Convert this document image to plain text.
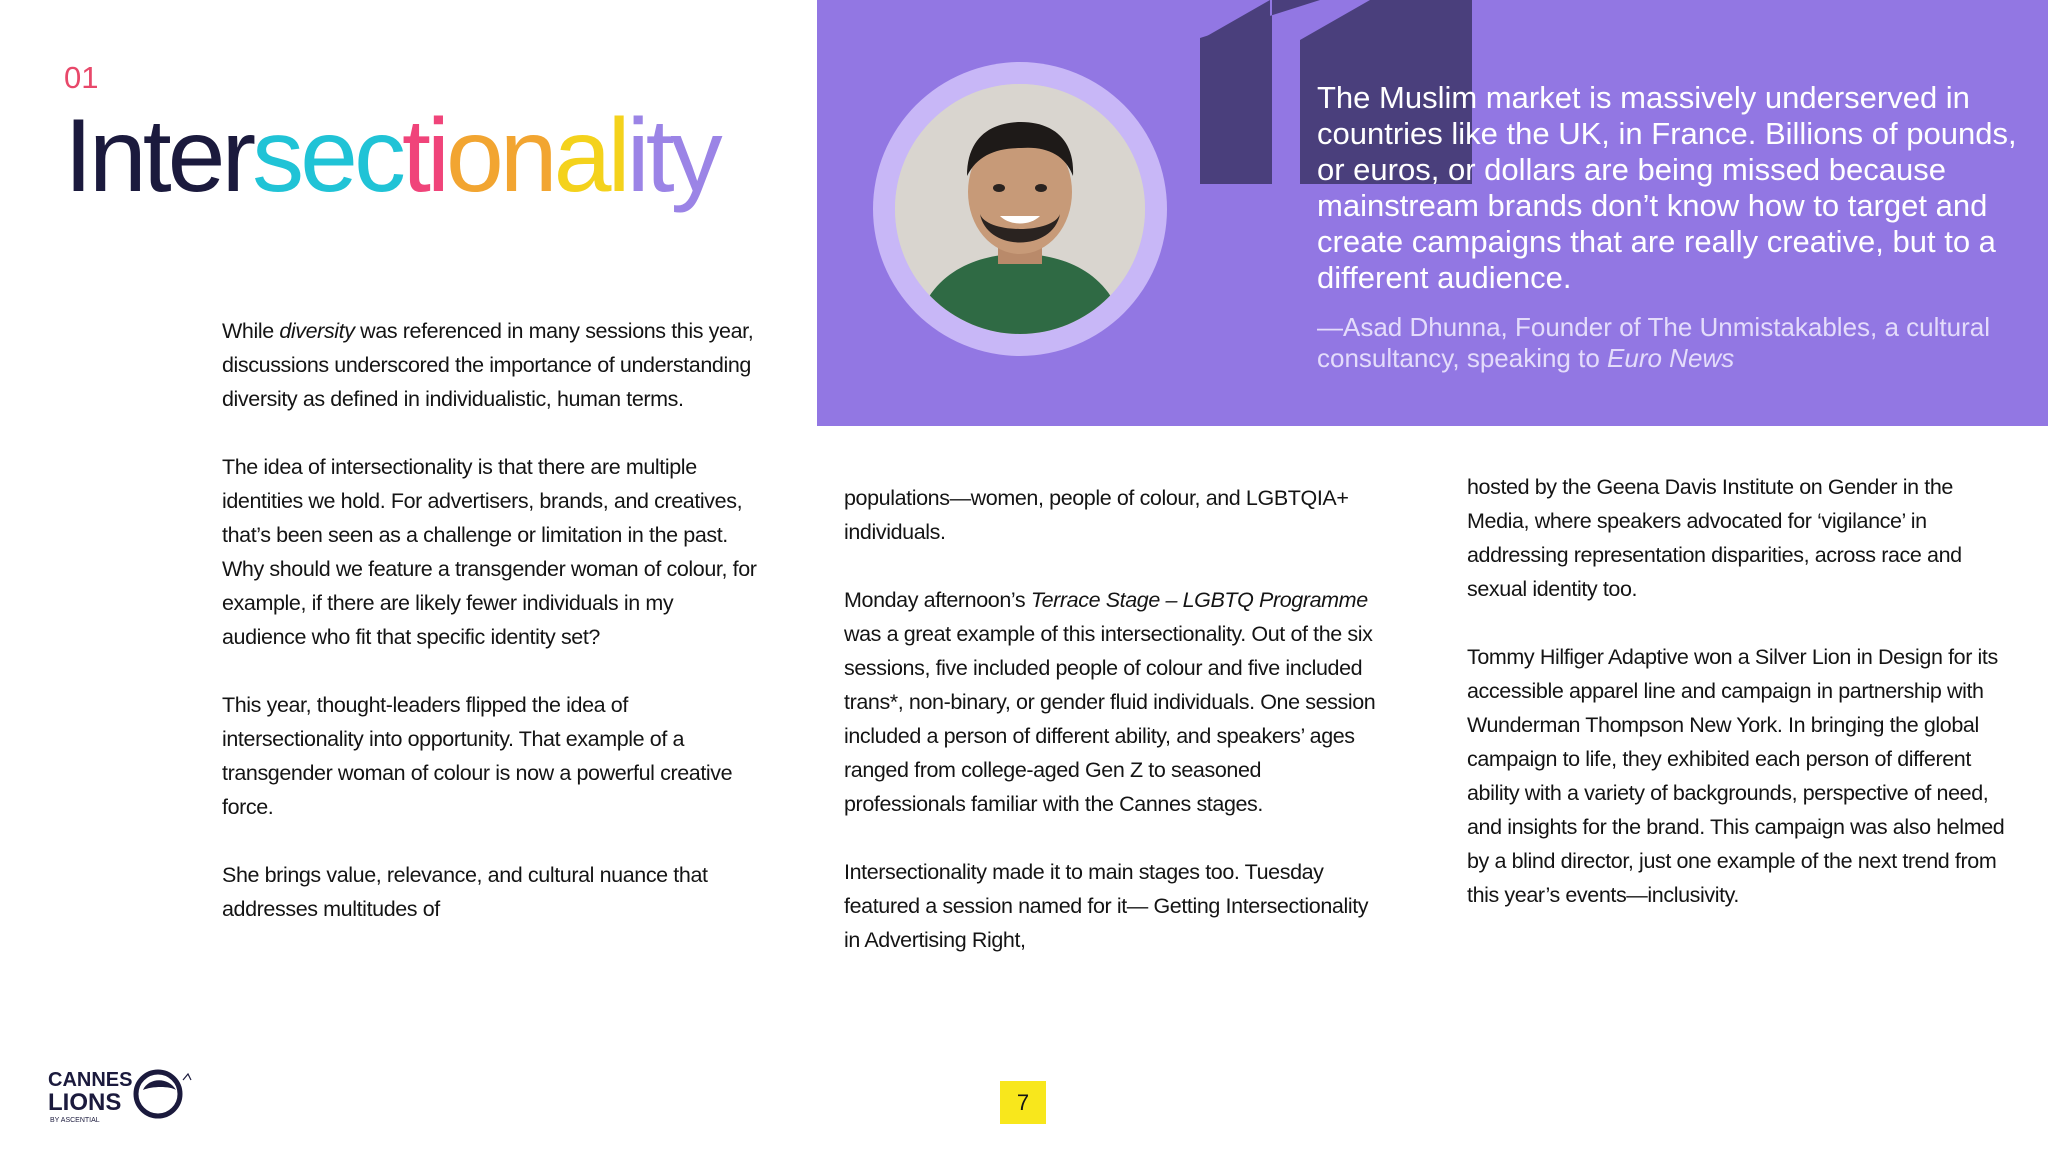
01
Intersectionality
The Muslim market is massively underserved in countries like the UK, in France. Billions of pounds, or euros, or dollars are being missed because mainstream brands don’t know how to target and create campaigns that are really creative, but to a different audience.
—Asad Dhunna, Founder of The Unmistakables, a cultural consultancy, speaking to Euro News

While diversity was referenced in many sessions this year, discussions underscored the importance of understanding diversity as defined in individualistic, human terms.

The idea of intersectionality is that there are multiple identities we hold. For advertisers, brands, and creatives, that’s been seen as a challenge or limitation in the past. Why should we feature a transgender woman of colour, for example, if there are likely fewer individuals in my audience who fit that specific identity set?

This year, thought-leaders flipped the idea of intersectionality into opportunity. That example of a transgender woman of colour is now a powerful creative force.

She brings value, relevance, and cultural nuance that addresses multitudes of

populations—women, people of colour, and LGBTQIA+ individuals.

Monday afternoon’s Terrace Stage – LGBTQ Programme was a great example of this intersectionality. Out of the six sessions, five included people of colour and five included trans*, non-binary, or gender fluid individuals. One session included a person of different ability, and speakers’ ages ranged from college-aged Gen Z to seasoned professionals familiar with the Cannes stages.

Intersectionality made it to main stages too. Tuesday featured a session named for it— Getting Intersectionality in Advertising Right,

hosted by the Geena Davis Institute on Gender in the Media, where speakers advocated for ‘vigilance’ in addressing representation disparities, across race and sexual identity too.

Tommy Hilfiger Adaptive won a Silver Lion in Design for its accessible apparel line and campaign in partnership with Wunderman Thompson New York. In bringing the global campaign to life, they exhibited each person of different ability with a variety of backgrounds, perspective of need, and insights for the brand. This campaign was also helmed by a blind director, just one example of the next trend from this year’s events—inclusivity.

CANNES
LIONS
BY ASCENTIAL
7
